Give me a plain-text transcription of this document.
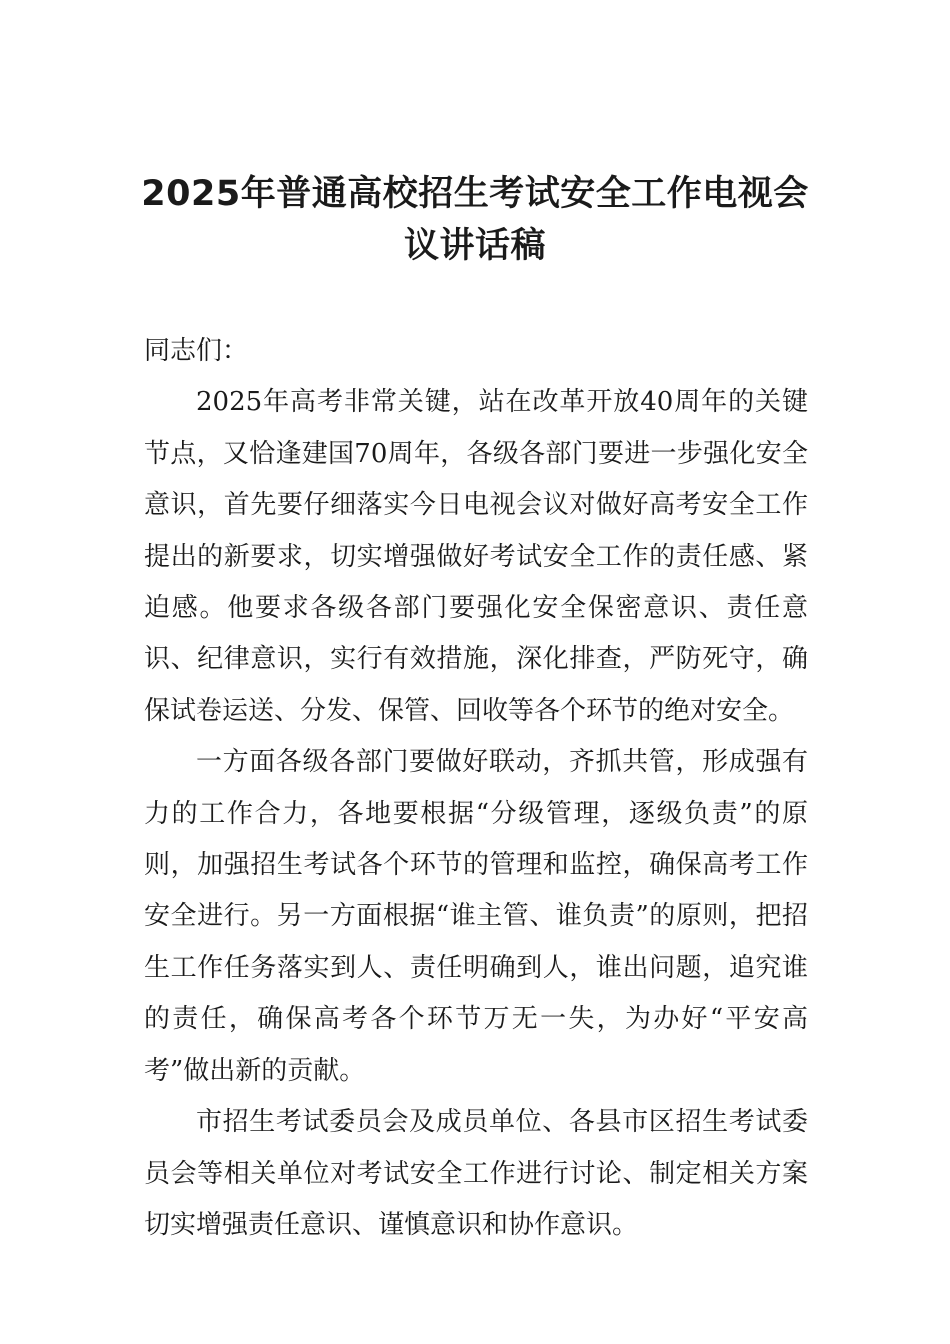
2025年普通高校招生考试安全工作电视会
议讲话稿

同志们：

2025年高考非常关键，站在改革开放40周年的关键节点，又恰逢建国70周年，各级各部门要进一步强化安全意识，首先要仔细落实今日电视会议对做好高考安全工作提出的新要求，切实增强做好考试安全工作的责任感、紧迫感。他要求各级各部门要强化安全保密意识、责任意识、纪律意识，实行有效措施，深化排查，严防死守，确保试卷运送、分发、保管、回收等各个环节的绝对安全。

一方面各级各部门要做好联动，齐抓共管，形成强有力的工作合力，各地要根据“分级管理，逐级负责”的原则，加强招生考试各个环节的管理和监控，确保高考工作安全进行。另一方面根据“谁主管、谁负责”的原则，把招生工作任务落实到人、责任明确到人，谁出问题，追究谁的责任，确保高考各个环节万无一失，为办好“平安高考”做出新的贡献。

市招生考试委员会及成员单位、各县市区招生考试委员会等相关单位对考试安全工作进行讨论、制定相关方案切实增强责任意识、谨慎意识和协作意识。
